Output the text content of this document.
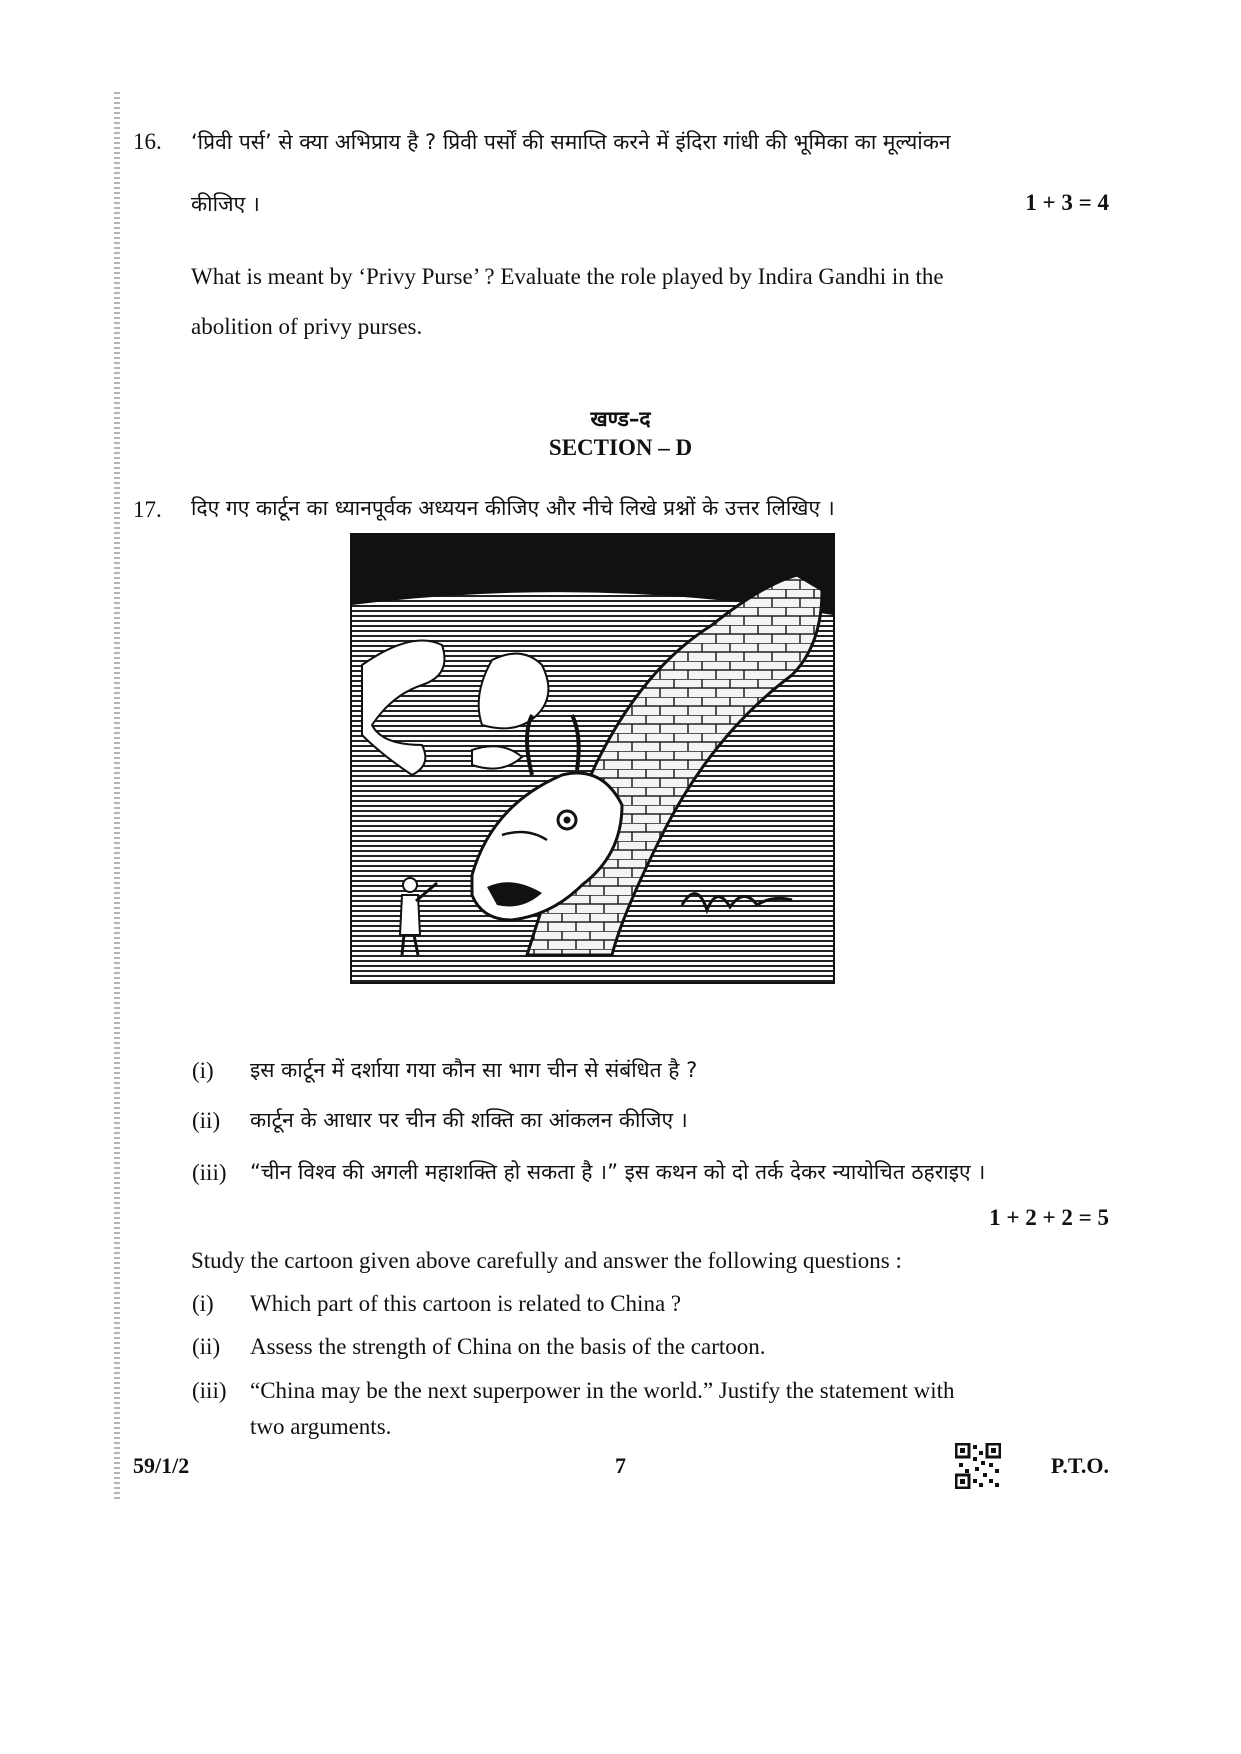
16. ‘प्रिवी पर्स’ से क्या अभिप्राय है ? प्रिवी पर्सों की समाप्ति करने में इंदिरा गांधी की भूमिका का मूल्यांकन
कीजिए ।	1 + 3 = 4
What is meant by ‘Privy Purse’ ? Evaluate the role played by Indira Gandhi in the
abolition of privy purses.
खण्ड–द
SECTION – D
17. दिए गए कार्टून का ध्यानपूर्वक अध्ययन कीजिए और नीचे लिखे प्रश्नों के उत्तर लिखिए ।
(i) इस कार्टून में दर्शाया गया कौन सा भाग चीन से संबंधित है ?
(ii) कार्टून के आधार पर चीन की शक्ति का आंकलन कीजिए ।
(iii) “चीन विश्व की अगली महाशक्ति हो सकता है ।” इस कथन को दो तर्क देकर न्यायोचित ठहराइए ।
1 + 2 + 2 = 5
Study the cartoon given above carefully and answer the following questions :
(i) Which part of this cartoon is related to China ?
(ii) Assess the strength of China on the basis of the cartoon.
(iii) “China may be the next superpower in the world.” Justify the statement with
two arguments.
59/1/2	7	P.T.O.
